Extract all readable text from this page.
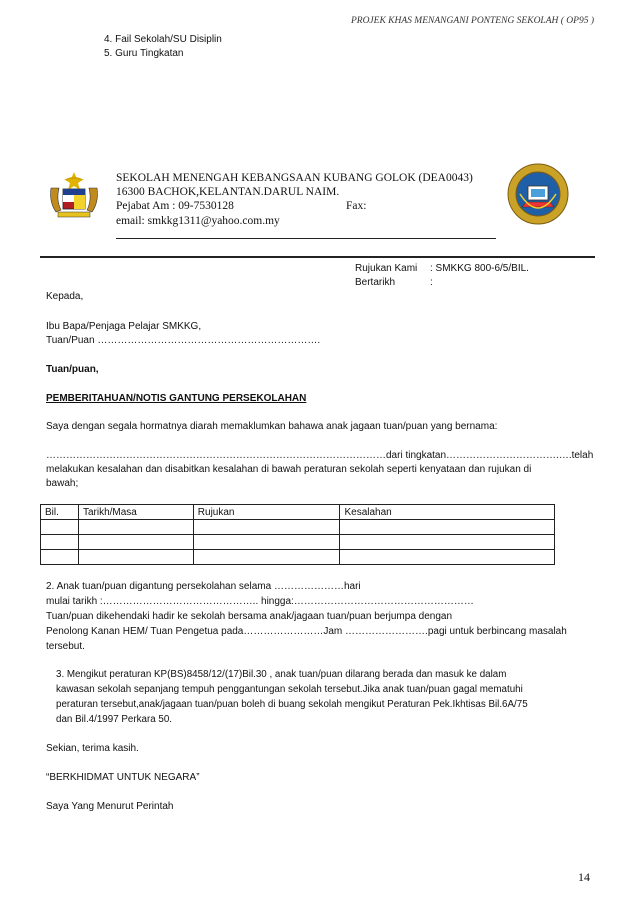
PROJEK KHAS MENANGANI PONTENG SEKOLAH ( OP95 )
4. Fail Sekolah/SU Disiplin
5. Guru Tingkatan
SEKOLAH MENENGAH KEBANGSAAN KUBANG GOLOK (DEA0043)
16300 BACHOK,KELANTAN.DARUL NAIM.
Pejabat Am : 09-7530128	Fax:
email: smkkg1311@yahoo.com.my
Rujukan Kami : SMKKG 800-6/5/BIL.
Bertarikh	:
Kepada,
Ibu Bapa/Penjaga Pelajar SMKKG,
Tuan/Puan ………………………………………………………….
Tuan/puan,
PEMBERITAHUAN/NOTIS GANTUNG PERSEKOLAHAN
Saya dengan segala hormatnya diarah memaklumkan bahawa anak jagaan tuan/puan yang bernama:
…………………………………………………………………………………………dari tingkatan…………………………….….telah
melakukan kesalahan dan disabitkan kesalahan di bawah peraturan sekolah seperti kenyataan dan rujukan di
bawah;
Bil.	Tarikh/Masa	Rujukan	Kesalahan

2. Anak tuan/puan digantung persekolahan selama …………………hari
mulai tarikh :……………………………………….. hingga:………………………………………………
Tuan/puan dikehendaki hadir ke sekolah bersama anak/jagaan tuan/puan berjumpa dengan
Penolong Kanan HEM/ Tuan Pengetua pada……………………Jam …………………….pagi untuk berbincang masalah
tersebut.
3. Mengikut peraturan KP(BS)8458/12/(17)Bil.30 , anak tuan/puan dilarang berada dan masuk ke dalam
kawasan sekolah sepanjang tempuh penggantungan sekolah tersebut.Jika anak tuan/puan gagal mematuhi
peraturan tersebut,anak/jagaan tuan/puan boleh di buang sekolah mengikut Peraturan Pek.Ikhtisas Bil.6A/75
dan Bil.4/1997 Perkara 50.
Sekian, terima kasih.
“BERKHIDMAT UNTUK NEGARA”
Saya Yang Menurut Perintah
14
